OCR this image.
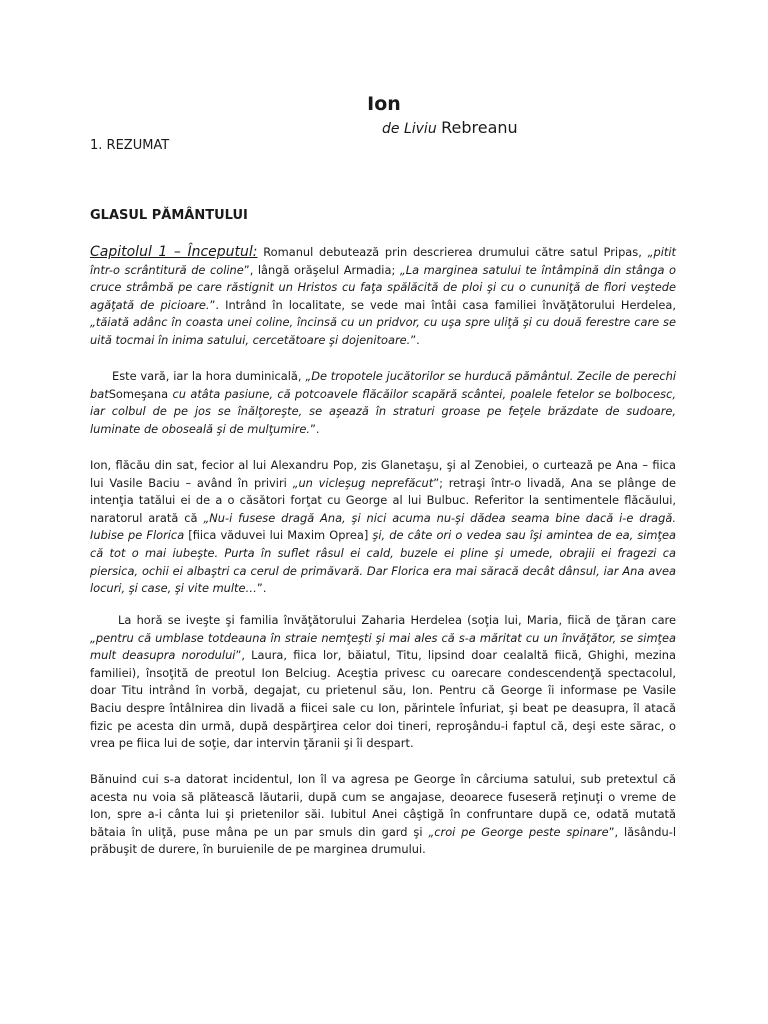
Ion
de Liviu Rebreanu
1. REZUMAT
GLASUL PĂMÂNTULUI

Capitolul 1 – Începutul: Romanul debutează prin descrierea drumului către satul Pripas, „pitit într-o scrântitură de coline”, lângă orăşelul Armadia; „La marginea satului te întâmpină din stânga o cruce strâmbă pe care răstignit un Hristos cu faţa spălăcită de ploi şi cu o cununiţă de flori veştede agăţată de picioare.”. Intrând în localitate, se vede mai întâi casa familiei învăţătorului Herdelea, „tăiată adânc în coasta unei coline, încinsă cu un pridvor, cu uşa spre uliţă şi cu două ferestre care se uită tocmai în inima satului, cercetătoare şi dojenitoare.”.

Este vară, iar la hora duminicală, „De tropotele jucătorilor se hurducă pământul. Zecile de perechi batSomeşana cu atâta pasiune, că potcoavele flăcăilor scapără scântei, poalele fetelor se bolbocesc, iar colbul de pe jos se înălţoreşte, se aşează în straturi groase pe feţele brăzdate de sudoare, luminate de oboseală şi de mulţumire.”.

Ion, flăcău din sat, fecior al lui Alexandru Pop, zis Glanetaşu, şi al Zenobiei, o curtează pe Ana – fiica lui Vasile Baciu – având în priviri „un vicleşug neprefăcut”; retraşi într-o livadă, Ana se plânge de intenţia tatălui ei de a o căsători forţat cu George al lui Bulbuc. Referitor la sentimentele flăcăului, naratorul arată că „Nu-i fusese dragă Ana, şi nici acuma nu-şi dădea seama bine dacă i-e dragă. Iubise pe Florica [fiica văduvei lui Maxim Oprea] şi, de câte ori o vedea sau îşi amintea de ea, simţea că tot o mai iubeşte. Purta în suflet râsul ei cald, buzele ei pline şi umede, obrajii ei fragezi ca piersica, ochii ei albaştri ca cerul de primăvară. Dar Florica era mai săracă decât dânsul, iar Ana avea locuri, şi case, şi vite multe…”.

La horă se iveşte şi familia învăţătorului Zaharia Herdelea (soţia lui, Maria, fiică de ţăran care „pentru că umblase totdeauna în straie nemţeşti şi mai ales că s-a măritat cu un învăţător, se simţea mult deasupra norodului”, Laura, fiica lor, băiatul, Titu, lipsind doar cealaltă fiică, Ghighi, mezina familiei), însoţită de preotul Ion Belciug. Aceştia privesc cu oarecare condescendenţă spectacolul, doar Titu intrând în vorbă, degajat, cu prietenul său, Ion. Pentru că George îi informase pe Vasile Baciu despre întâlnirea din livadă a fiicei sale cu Ion, părintele înfuriat, şi beat pe deasupra, îl atacă fizic pe acesta din urmă, după despărţirea celor doi tineri, reproşându-i faptul că, deşi este sărac, o vrea pe fiica lui de soţie, dar intervin ţăranii şi îi despart.

Bănuind cui s-a datorat incidentul, Ion îl va agresa pe George în cârciuma satului, sub pretextul că acesta nu voia să plătească lăutarii, după cum se angajase, deoarece fuseseră reţinuţi o vreme de Ion, spre a-i cânta lui şi prietenilor săi. Iubitul Anei câştigă în confruntare după ce, odată mutată bătaia în uliţă, puse mâna pe un par smuls din gard şi „croi pe George peste spinare”, lăsându-l prăbuşit de durere, în buruienile de pe marginea drumului.
